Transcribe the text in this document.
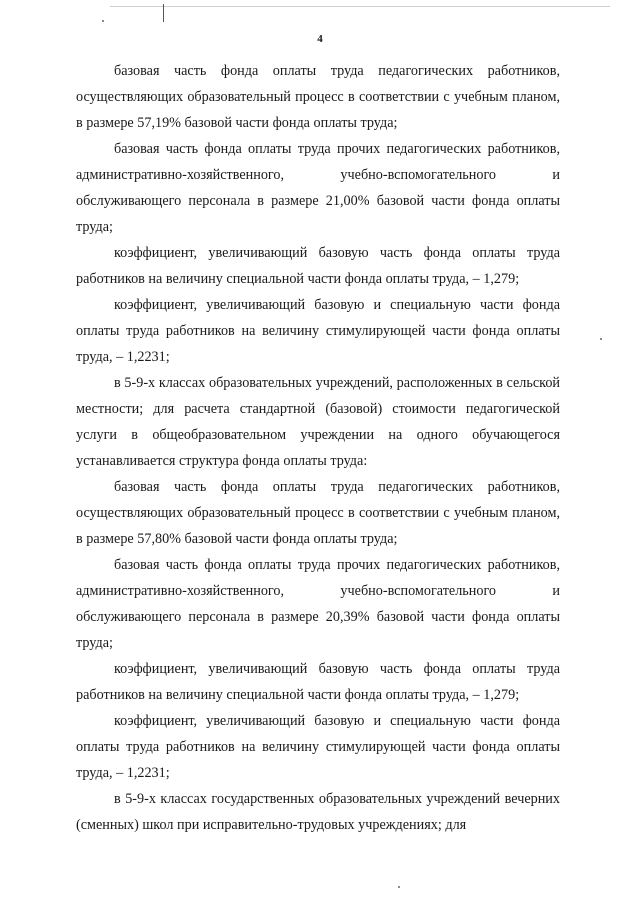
4

базовая часть фонда оплаты труда педагогических работников, осуществляющих образовательный процесс в соответствии с учебным планом, в размере 57,19% базовой части фонда оплаты труда;

базовая часть фонда оплаты труда прочих педагогических работников, административно-хозяйственного, учебно-вспомогательного и обслуживающего персонала в размере 21,00% базовой части фонда оплаты труда;

коэффициент, увеличивающий базовую часть фонда оплаты труда работников на величину специальной части фонда оплаты труда, – 1,279;

коэффициент, увеличивающий базовую и специальную части фонда оплаты труда работников на величину стимулирующей части фонда оплаты труда, – 1,2231;

в 5-9-х классах образовательных учреждений, расположенных в сельской местности; для расчета стандартной (базовой) стоимости педагогической услуги в общеобразовательном учреждении на одного обучающегося устанавливается структура фонда оплаты труда:

базовая часть фонда оплаты труда педагогических работников, осуществляющих образовательный процесс в соответствии с учебным планом, в размере 57,80% базовой части фонда оплаты труда;

базовая часть фонда оплаты труда прочих педагогических работников, административно-хозяйственного, учебно-вспомогательного и обслуживающего персонала в размере 20,39% базовой части фонда оплаты труда;

коэффициент, увеличивающий базовую часть фонда оплаты труда работников на величину специальной части фонда оплаты труда, – 1,279;

коэффициент, увеличивающий базовую и специальную части фонда оплаты труда работников на величину стимулирующей части фонда оплаты труда, – 1,2231;

в 5-9-х классах государственных образовательных учреждений вечерних (сменных) школ при исправительно-трудовых учреждениях; для
